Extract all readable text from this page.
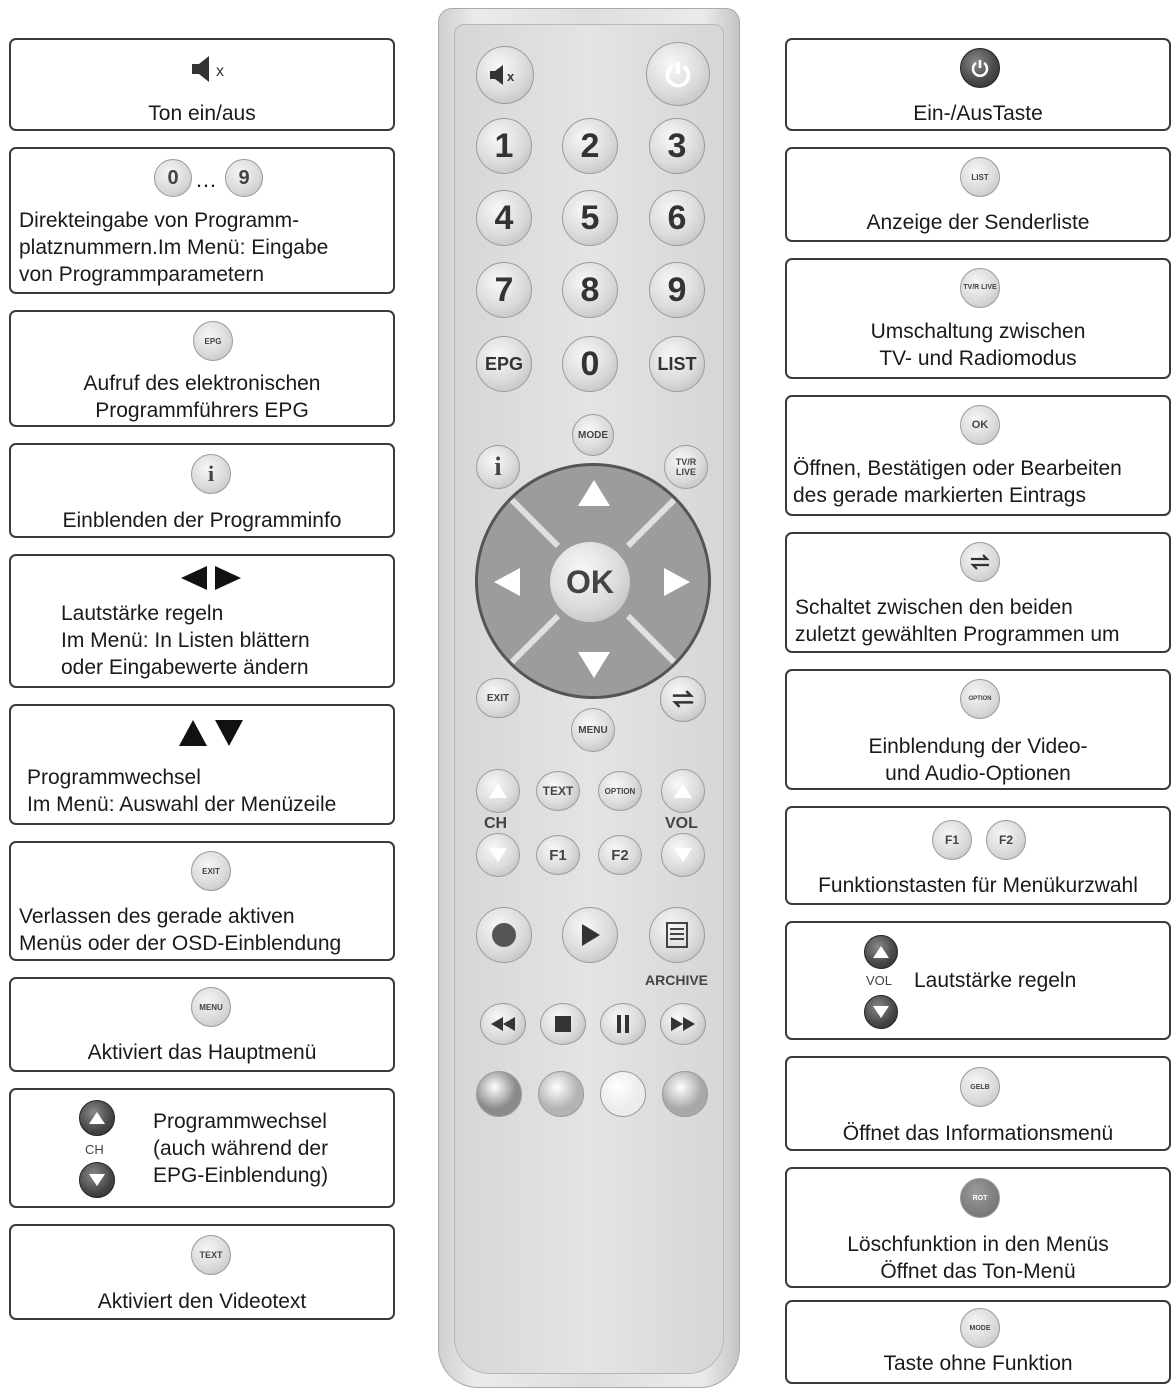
x
Ton ein/aus
0 …	9
Direkteingabe von Programm-
platznummern.Im Menü: Eingabe
von Programmparametern
EPG
Aufruf des elektronischen
Programmführers EPG
i
Einblenden der Programminfo
Lautstärke regeln
Im Menü: In Listen blättern
oder Eingabewerte ändern
Programmwechsel
Im Menü: Auswahl der Menüzeile
EXIT
Verlassen des gerade aktiven
Menüs oder der OSD-Einblendung
MENU
Aktiviert das Hauptmenü
CH
Programmwechsel
(auch während der
EPG-Einblendung)
TEXT
Aktiviert den Videotext
Ein-/AusTaste
LIST
Anzeige der Senderliste
TV/R LIVE
Umschaltung zwischen
TV- und Radiomodus
OK
Öffnen, Bestätigen oder Bearbeiten
des gerade markierten Eintrags
Schaltet zwischen den beiden
zuletzt gewählten Programmen um
OPTION
Einblendung der Video-
und Audio-Optionen
F1	F2
Funktionstasten für Menükurzwahl
VOL Lautstärke regeln
GELB
Öffnet das Informationsmenü
ROT
Löschfunktion in den Menüs
Öffnet das Ton-Menü
MODE
Taste ohne Funktion
x
1	2	3
4	5	6
7	8	9
EPG	0	LIST
MODE
i	TV/R LIVE
OK
EXIT
MENU
CH
TEXT	OPTION
VOL
F1	F2
ARCHIVE
